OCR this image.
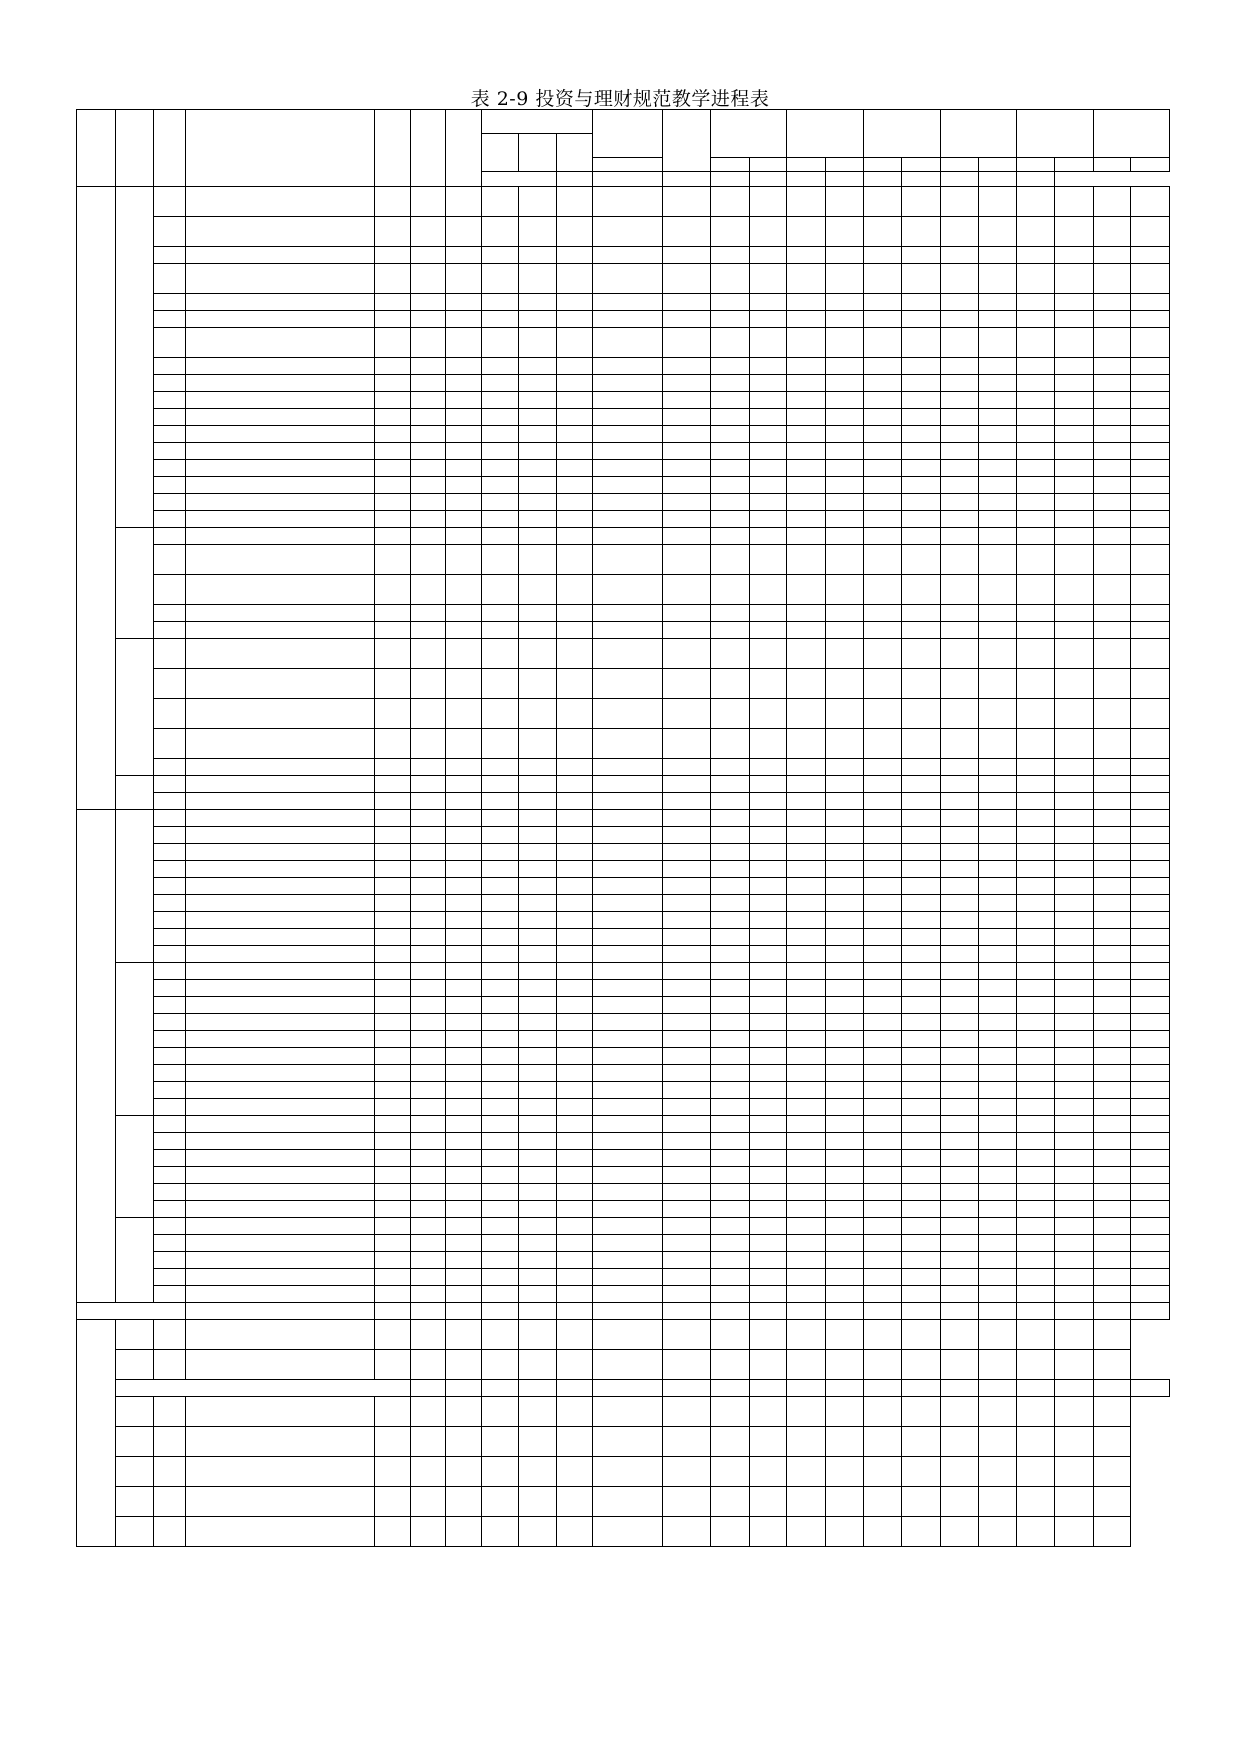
表 2-9 投资与理财规范教学进程表
